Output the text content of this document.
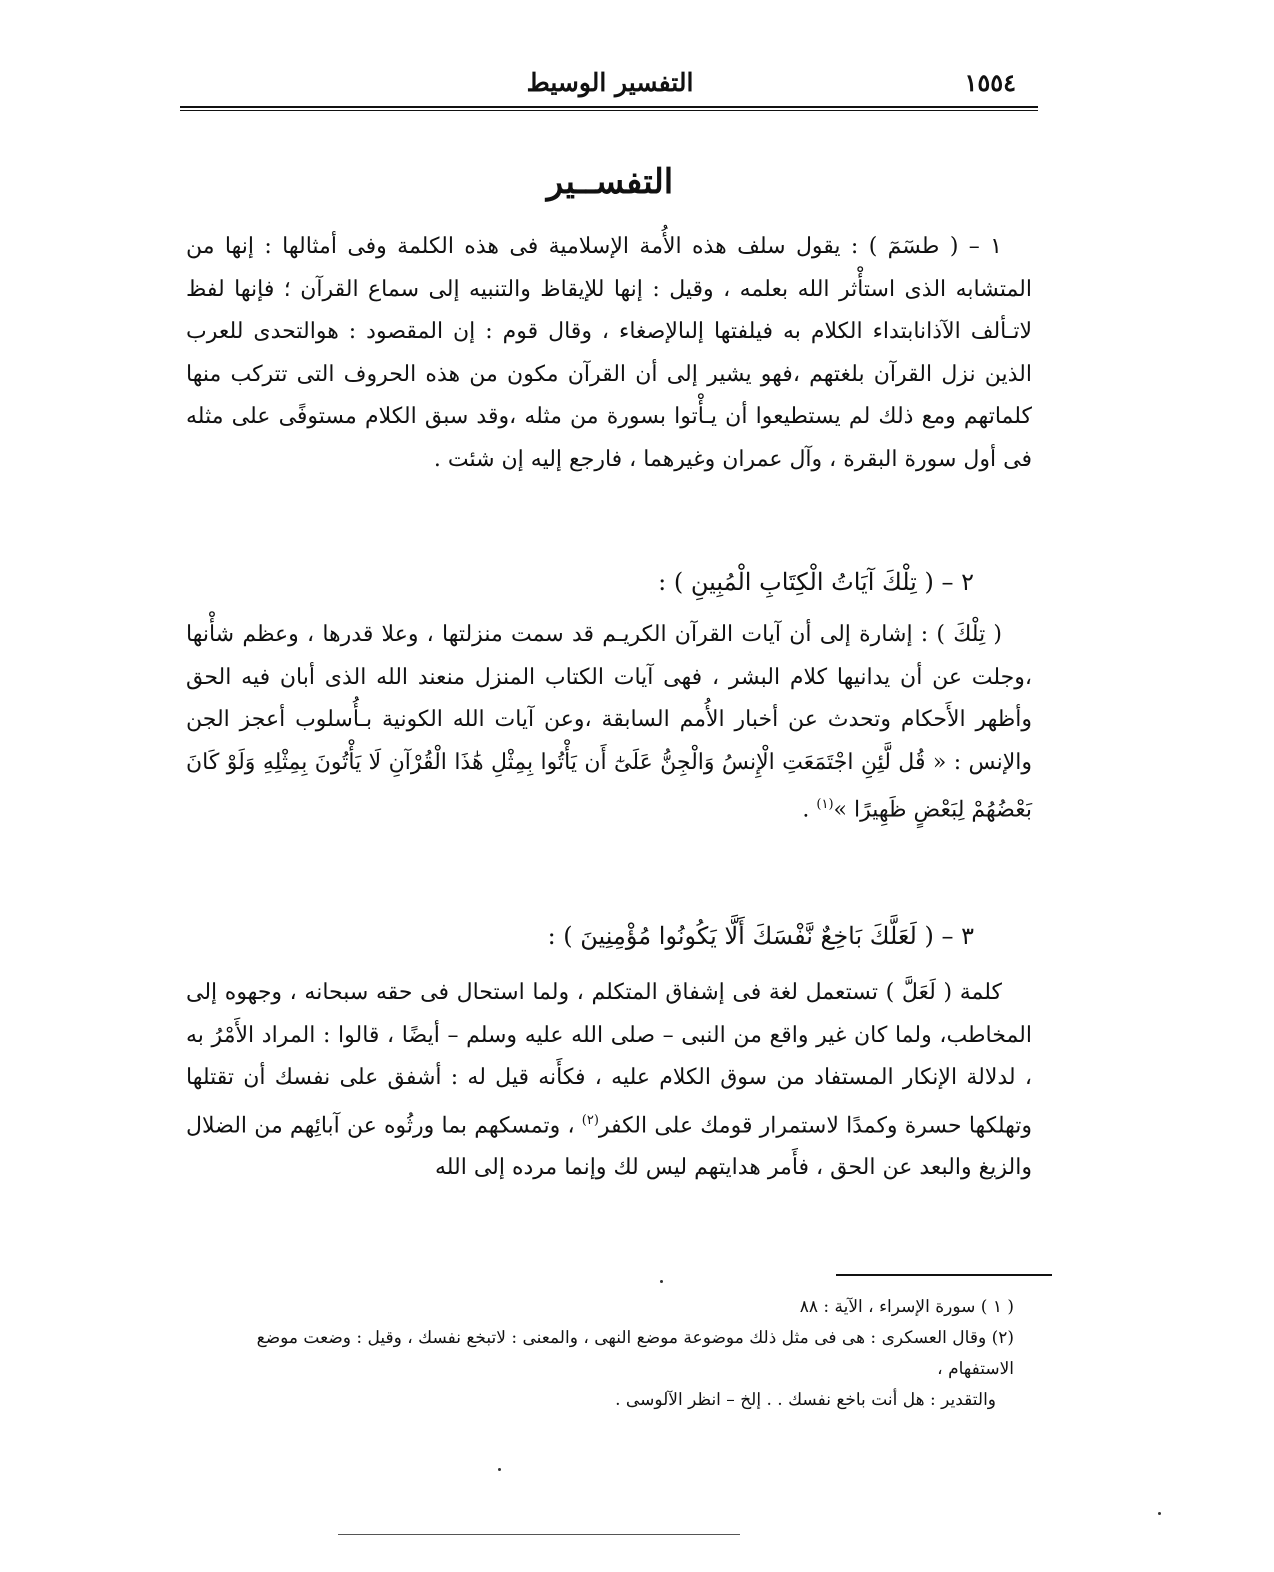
١٥٥٤
التفسير الوسيط
التفســير

١ – ( طسٓمٓ ) : يقول سلف هذه الأُمة الإسلامية فى هذه الكلمة وفى أمثالها : إنها من المتشابه الذى استأْثر الله بعلمه ، وقيل : إنها للإيقاظ والتنبيه إلى سماع القرآن ؛ فإنها لفظ لاتـألف الآذانابتداء الكلام به فيلفتها إلىالإصغاء ، وقال قوم : إن المقصود : هوالتحدى للعرب الذين نزل القرآن بلغتهم ،فهو يشير إلى أن القرآن مكون من هذه الحروف التى تتركب منها كلماتهم ومع ذلك لم يستطيعوا أن يـأْتوا بسورة من مثله ،وقد سبق الكلام مستوفًى على مثله فى أول سورة البقرة ، وآل عمران وغيرهما ، فارجع إليه إن شئت .

٢ – ( تِلْكَ آيَاتُ الْكِتَابِ الْمُبِينِ ) :

( تِلْكَ ) : إشارة إلى أن آيات القرآن الكريـم قد سمت منزلتها ، وعلا قدرها ، وعظم شأْنها ،وجلت عن أن يدانيها كلام البشر ، فهى آيات الكتاب المنزل منعند الله الذى أبان فيه الحق وأظهر الأَحكام وتحدث عن أخبار الأُمم السابقة ،وعن آيات الله الكونية بـأُسلوب أعجز الجن والإنس : « قُل لَّئِنِ اجْتَمَعَتِ الْإِنسُ وَالْجِنُّ عَلَىٰٓ أَن يَأْتُوا بِمِثْلِ هَٰذَا الْقُرْآنِ لَا يَأْتُونَ بِمِثْلِهِ وَلَوْ كَانَ بَعْضُهُمْ لِبَعْضٍ ظَهِيرًا »$^{(١)}$ .

٣ – ( لَعَلَّكَ بَاخِعٌ نَّفْسَكَ أَلَّا يَكُونُوا مُؤْمِنِينَ ) :

كلمة ( لَعَلَّ ) تستعمل لغة فى إشفاق المتكلم ، ولما استحال فى حقه سبحانه ، وجهوه إلى المخاطب، ولما كان غير واقع من النبى – صلى الله عليه وسلم – أيضًا ، قالوا : المراد الأَمْرُ به ، لدلالة الإنكار المستفاد من سوق الكلام عليه ، فكأَنه قيل له : أشفق على نفسك أن تقتلها وتهلكها حسرة وكمدًا لاستمرار قومك على الكفر$^{(٢)}$ ، وتمسكهم بما ورثُوه عن آبائِهم من الضلال والزيغ والبعد عن الحق ، فأَمر هدايتهم ليس لك وإنما مرده إلى الله

( ١ ) سورة الإسراء ، الآية : ٨٨

(٢) وقال العسكرى : هى فى مثل ذلك موضوعة موضع النهى ، والمعنى : لاتبخع نفسك ، وقيل : وضعت موضع الاستفهام ،

والتقدير : هل أنت باخع نفسك . . إلخ – انظر الآلوسى .
